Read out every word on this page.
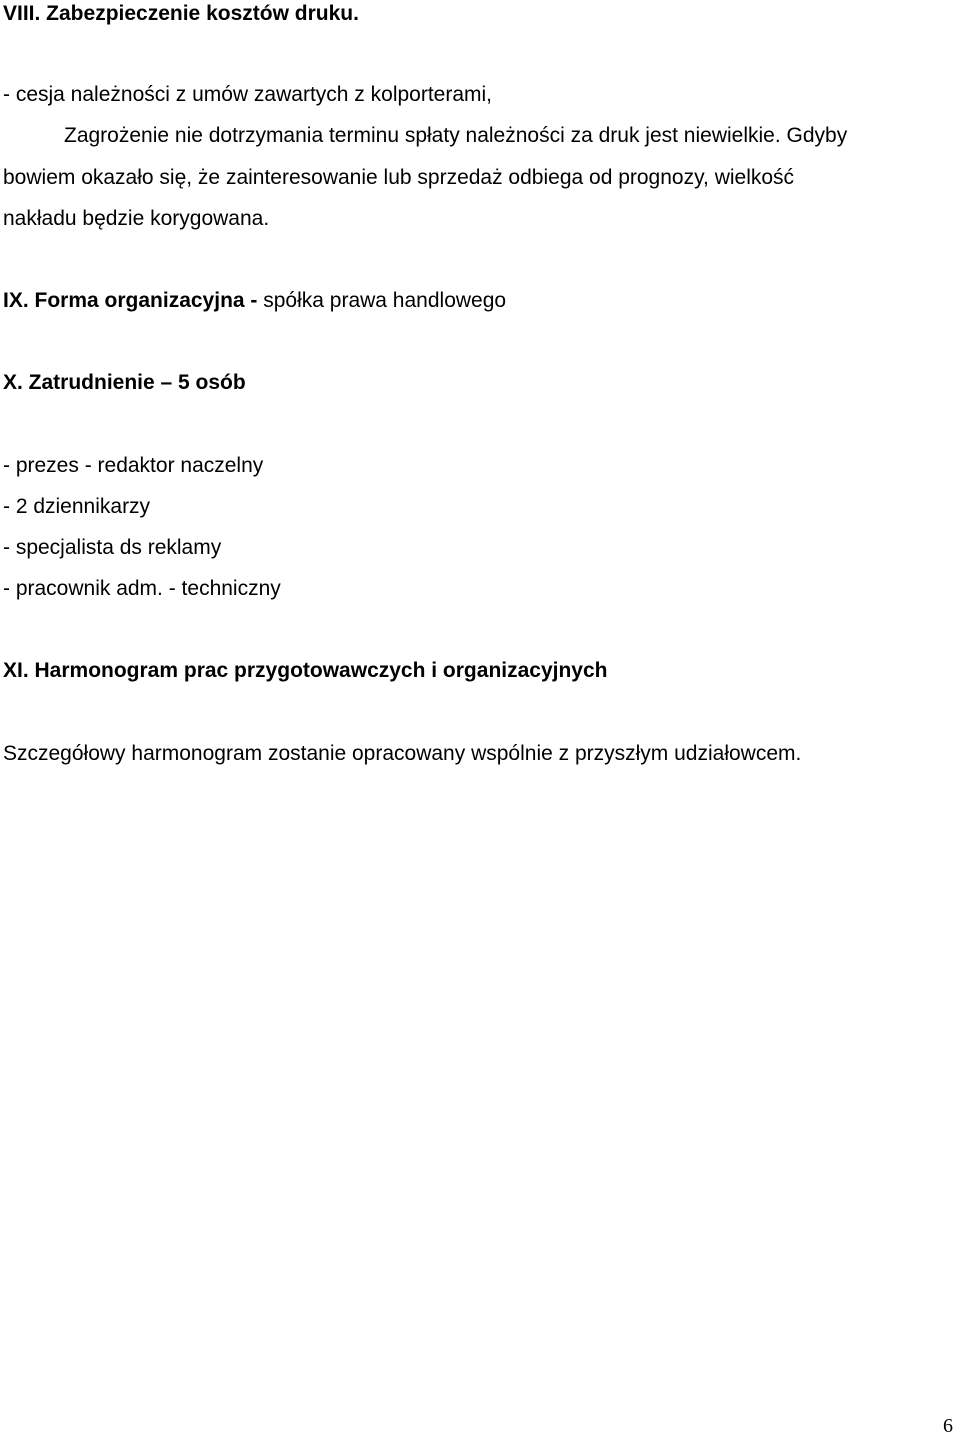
VIII. Zabezpieczenie kosztów druku.
- cesja należności z umów zawartych z kolporterami,
Zagrożenie nie dotrzymania terminu spłaty należności za druk jest niewielkie. Gdyby
bowiem okazało się, że zainteresowanie lub sprzedaż odbiega od prognozy, wielkość
nakładu będzie korygowana.
IX. Forma organizacyjna - spółka prawa handlowego
X. Zatrudnienie – 5 osób
- prezes - redaktor naczelny
- 2 dziennikarzy
- specjalista ds reklamy
- pracownik adm. - techniczny
XI. Harmonogram prac przygotowawczych i organizacyjnych
Szczegółowy harmonogram zostanie opracowany wspólnie z przyszłym udziałowcem.
6
